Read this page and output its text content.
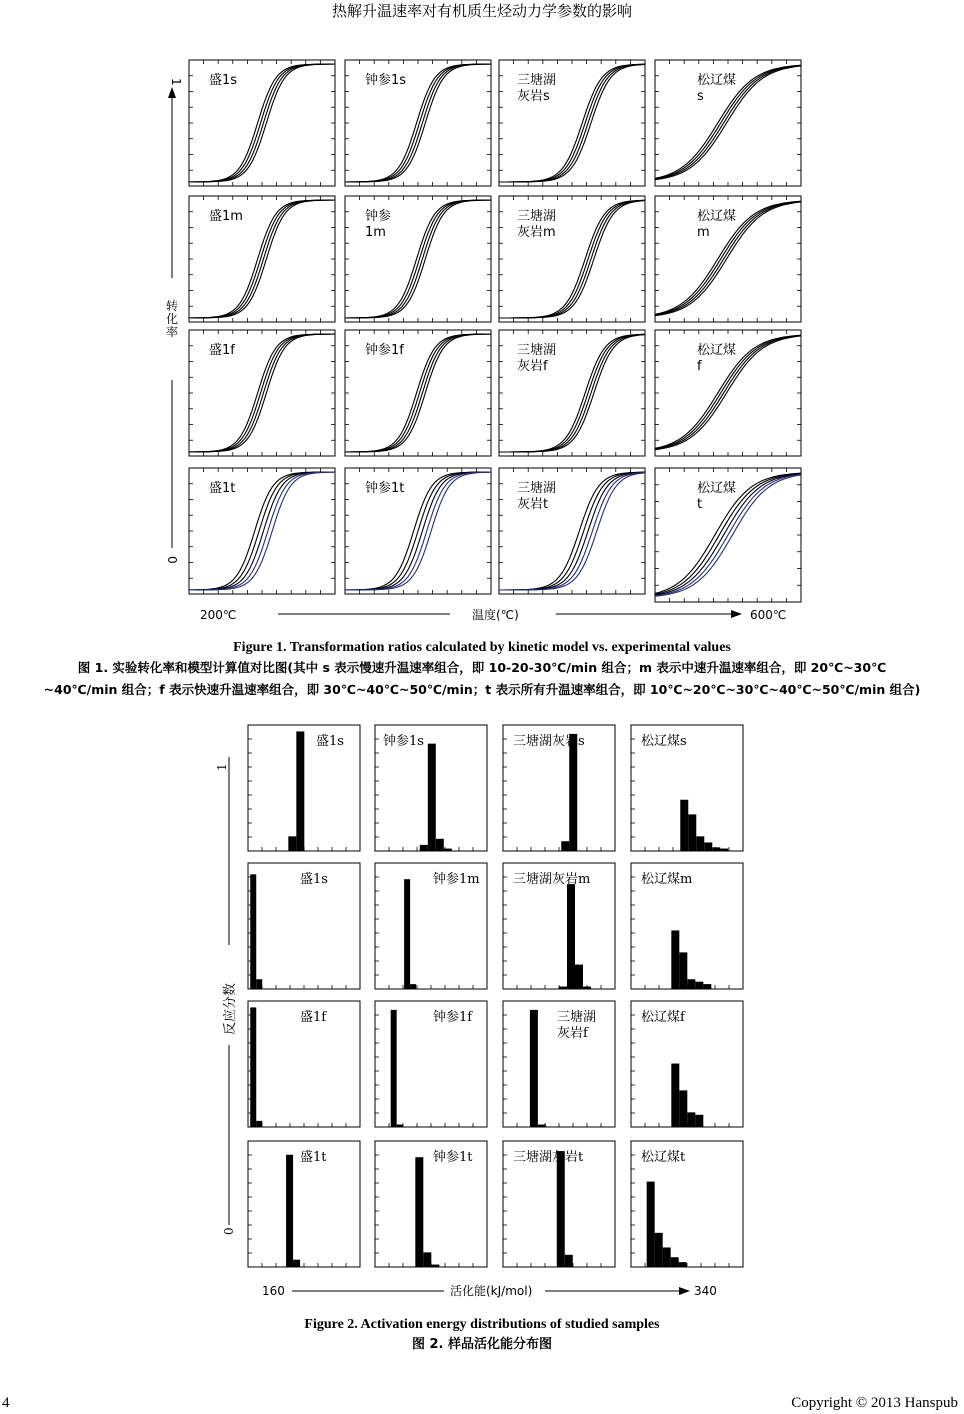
热解升温速率对有机质生烃动力学参数的影响
1
0
200℃	温度(℃)	600℃
盛1s	钟参1s	三塘湖
灰岩s
松辽煤
s
盛1m	钟参
1m
三塘湖
灰岩m
松辽煤
m
盛1f	钟参1f	三塘湖
灰岩f
松辽煤
f
盛1t	钟参1t	三塘湖
灰岩t
松辽煤
t
转化率
Figure 1. Transformation ratios calculated by kinetic model vs. experimental values
图 1. 实验转化率和模型计算值对比图(其中 s 表示慢速升温速率组合，即 10-20-30℃/min 组合；m 表示中速升温速率组合，即 20℃~30℃
~40℃/min 组合；f 表示快速升温速率组合，即 30℃~40℃~50℃/min；t 表示所有升温速率组合，即 10℃~20℃~30℃~40℃~50℃/min 组合)
1
0
反应分数
160	活化能(kJ/mol)	340
盛1s	钟参1s	三塘湖灰岩s	松辽煤s
盛1s	钟参1m	三塘湖灰岩m	松辽煤m
盛1f	钟参1f	三塘湖
灰岩f
松辽煤f
盛1t	钟参1t	三塘湖灰岩t	松辽煤t
Figure 2. Activation energy distributions of studied samples
图 2. 样品活化能分布图
4	Copyright © 2013 Hanspub
